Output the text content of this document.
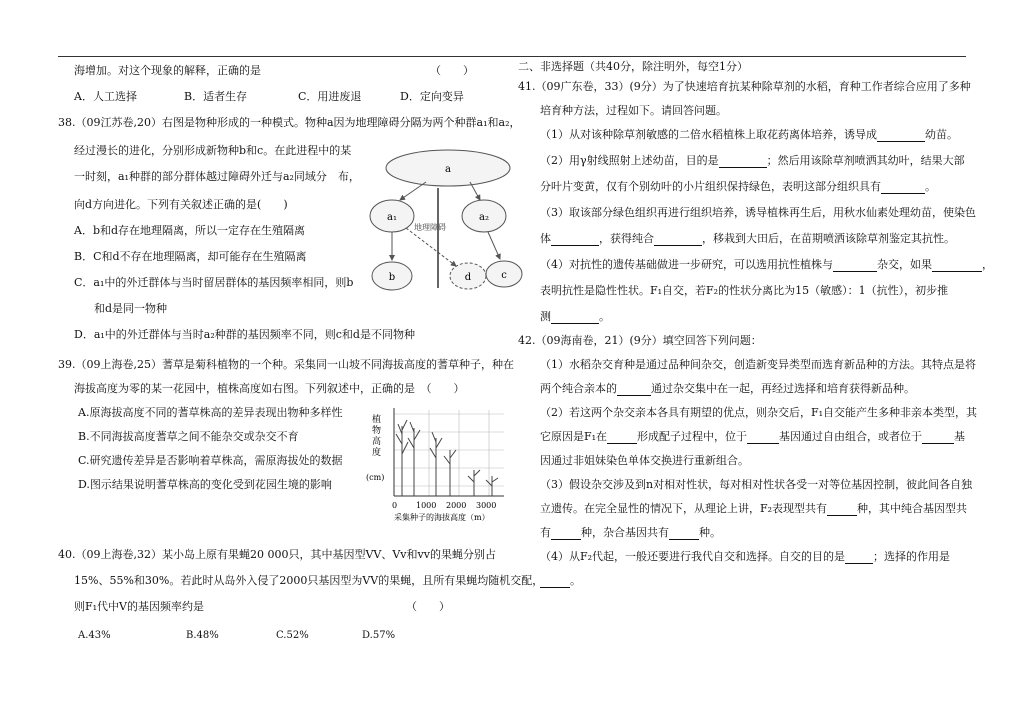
海增加。对这个现象的解释，正确的是	（　　）
A．人工选择	B．适者生存	C．用进废退	D．定向变异
38.（09江苏卷,20）右图是物种形成的一种模式。物种a因为地理障碍分隔为两个种群a₁和a₂，
经过漫长的进化，分别形成新物种b和c。在此进程中的某
一时刻，a₁种群的部分群体越过障碍外迁与a₂同域分　布，
向d方向进化。下列有关叙述正确的是(　　)
A．b和d存在地理隔离，所以一定存在生殖隔离
B．C和d不存在地理隔离，却可能存在生殖隔离
C．a₁中的外迁群体与当时留居群体的基因频率相同，则b
和d是同一物种
D．a₁中的外迁群体与当时a₂种群的基因频率不同，则c和d是不同物种
a
a₁	a₂
b	d	c
地理障碍
39.（09上海卷,25）蓍草是菊科植物的一个种。采集同一山坡不同海拔高度的蓍草种子，种在
海拔高度为零的某一花园中，植株高度如右图。下列叙述中，正确的是　（　　）
A.原海拔高度不同的蓍草株高的差异表现出物种多样性
B.不同海拔高度蓍草之间不能杂交或杂交不育
C.研究遗传差异是否影响着草株高，需原海拔处的数据
D.图示结果说明蓍草株高的变化受到花园生境的影响
植物高度
(cm)
0 1000 2000 3000
采集种子的海拔高度（m）
40.（09上海卷,32）某小岛上原有果蝇20 000只，其中基因型VV、Vv和vv的果蝇分别占
15%、55%和30%。若此时从岛外入侵了2000只基因型为VV的果蝇，且所有果蝇均随机交配，
则F₁代中V的基因频率约是	（　　）
A.43%	B.48%	C.52%	D.57%
二、非选择题（共40分，除注明外，每空1分）
41.（09广东卷，33）(9分）为了快速培育抗某种除草剂的水稻，育种工作者综合应用了多种
培育种方法，过程如下。请回答问题。
（1）从对该种除草剂敏感的二倍水稻植株上取花药离体培养，诱导成	幼苗。
（2）用γ射线照射上述幼苗，目的是	；然后用该除草剂喷洒其幼叶，结果大部
分叶片变黄，仅有个别幼叶的小片组织保持绿色，表明这部分组织具有	。
（3）取该部分绿色组织再进行组织培养，诱导植株再生后，用秋水仙素处理幼苗，使染色
体	，获得纯合	，移栽到大田后，在苗期喷洒该除草剂鉴定其抗性。
（4）对抗性的遗传基础做进一步研究，可以选用抗性植株与	杂交，如果	，
表明抗性是隐性性状。F₁自交，若F₂的性状分离比为15（敏感）：1（抗性），初步推
测	。
42.（09海南卷，21）(9分）填空回答下列问题：
（1）水稻杂交育种是通过品种间杂交，创造新变异类型而选育新品种的方法。其特点是将
两个纯合亲本的	通过杂交集中在一起，再经过选择和培育获得新品种。
（2）若这两个杂交亲本各具有期望的优点，则杂交后，F₁自交能产生多种非亲本类型，其
它原因是F₁在	形成配子过程中，位于	基因通过自由组合，或者位于	基
因通过非姐妹染色单体交换进行重新组合。
（3）假设杂交涉及到n对相对性状，每对相对性状各受一对等位基因控制，彼此间各自独
立遗传。在完全显性的情况下，从理论上讲，F₂表现型共有	种，其中纯合基因型共
有	种，杂合基因共有	种。
（4）从F₂代起，一般还要进行我代自交和选择。自交的目的是	；选择的作用是
。
